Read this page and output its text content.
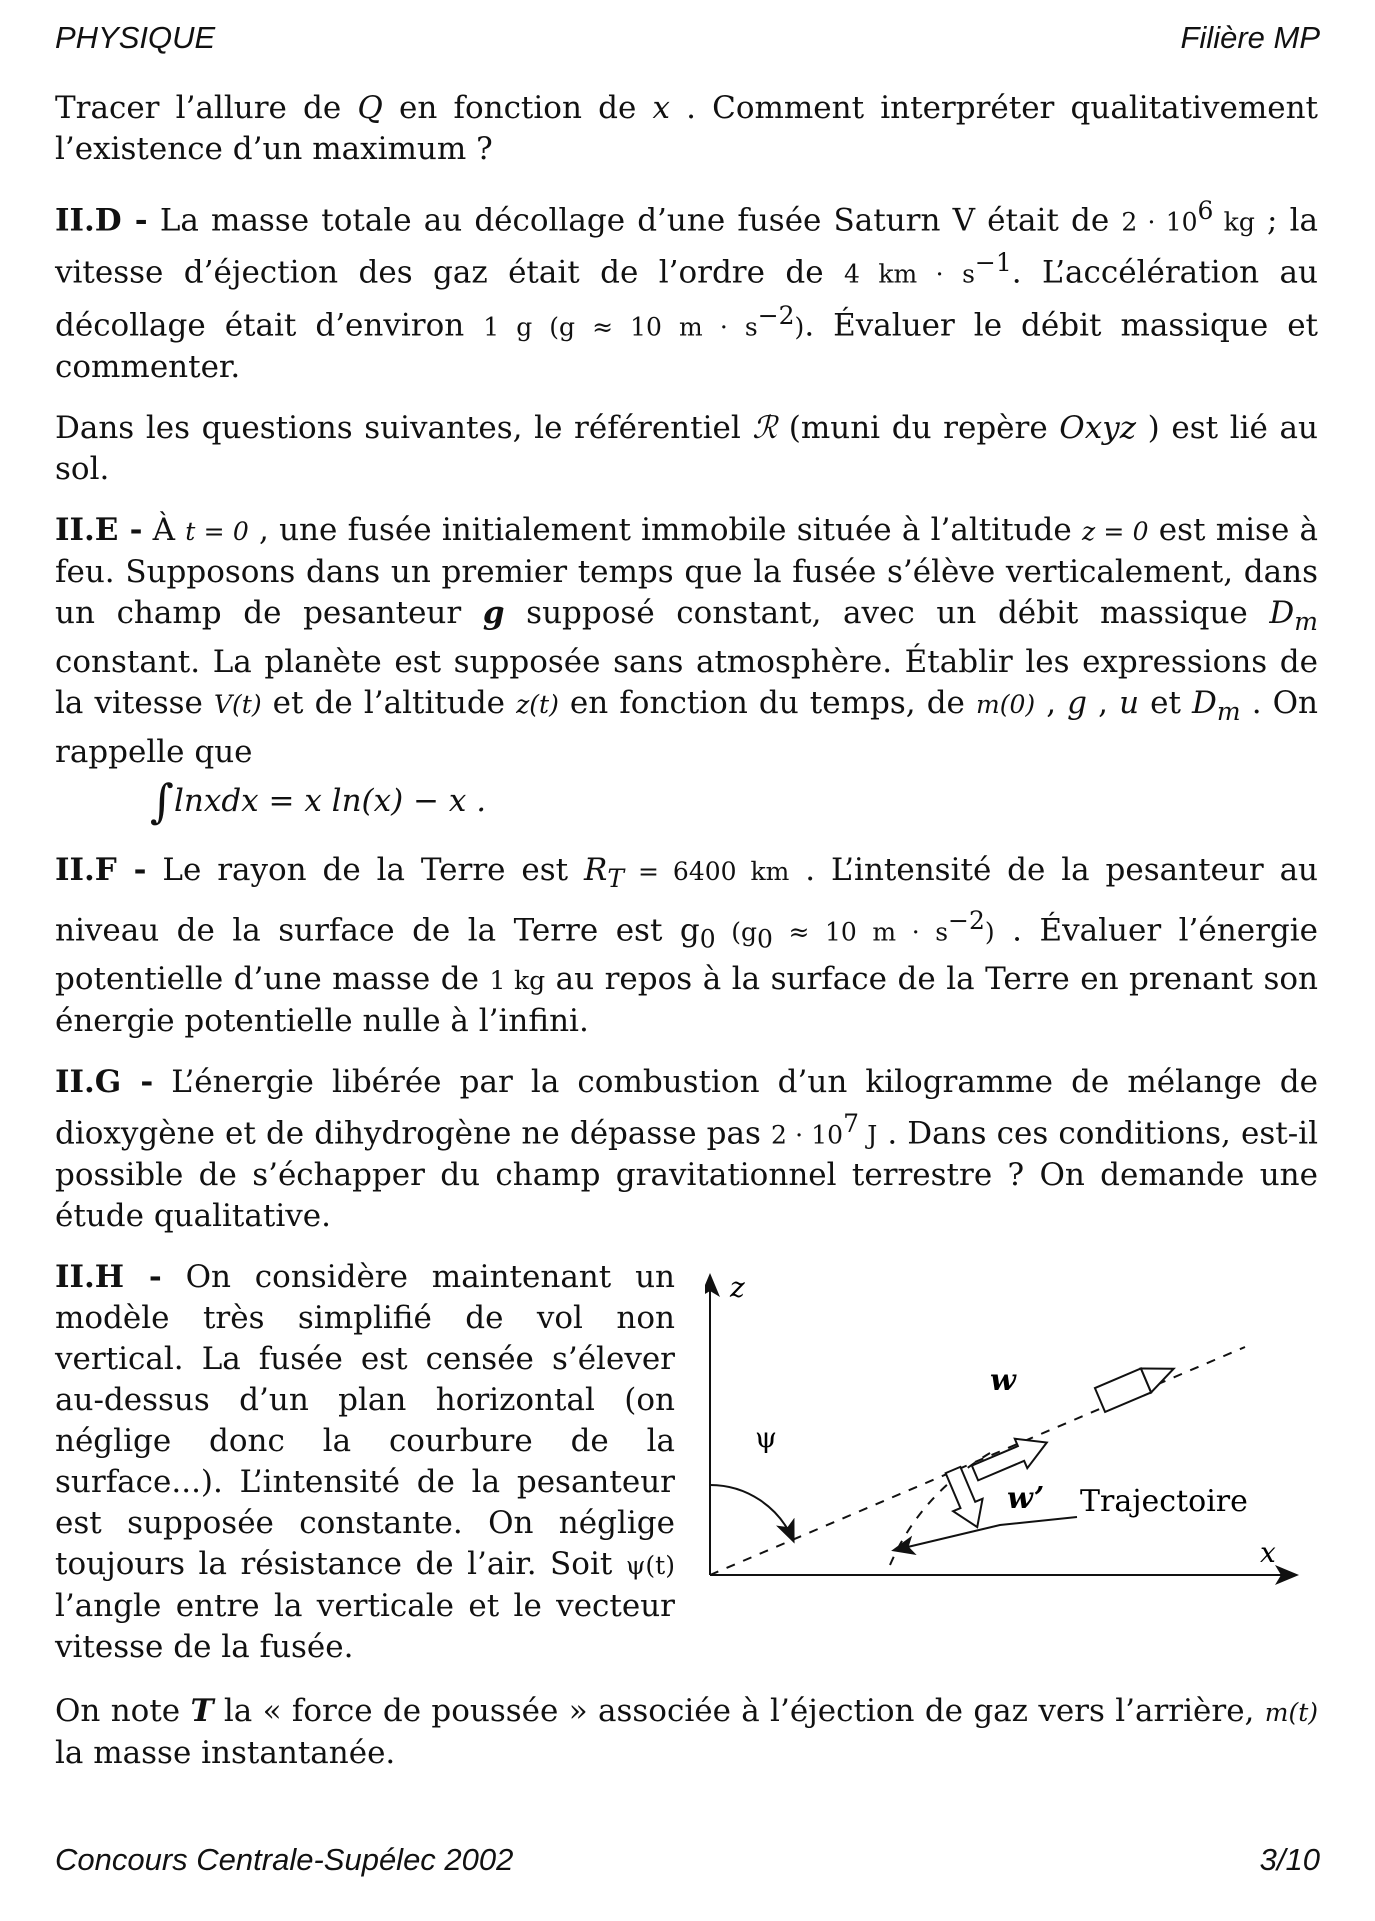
PHYSIQUE	Filière MP

Tracer l’allure de Q en fonction de x . Comment interpréter qualitativement l’existence d’un maximum ?

II.D - La masse totale au décollage d’une fusée Saturn V était de $2 \cdot 10^6$ kg ; la vitesse d’éjection des gaz était de l’ordre de 4 km · $s^{-1}$. L’accélération au décollage était d’environ 1 g (g ≈ 10 $m \cdot s^{-2}$). Évaluer le débit massique et commenter.

Dans les questions suivantes, le référentiel ℛ (muni du repère Oxyz ) est lié au sol.

II.E - À t = 0 , une fusée initialement immobile située à l’altitude z = 0 est mise à feu. Supposons dans un premier temps que la fusée s’élève verticalement, dans un champ de pesanteur g supposé constant, avec un débit massique $D_m$ constant. La planète est supposée sans atmosphère. Établir les expressions de la vitesse V(t) et de l’altitude z(t) en fonction du temps, de m(0) , g , u et $D_m$ . On rappelle que

∫lnxdx = x ln(x) − x .

II.F - Le rayon de la Terre est $R_T = 6400$ km . L’intensité de la pesanteur au niveau de la surface de la Terre est $g_0$ ($g_0 \approx 10$ $m \cdot s^{-2}$) . Évaluer l’énergie potentielle d’une masse de 1 kg au repos à la surface de la Terre en prenant son énergie potentielle nulle à l’infini.

II.G - L’énergie libérée par la combustion d’un kilogramme de mélange de dioxygène et de dihydrogène ne dépasse pas $2 \cdot 10^7$ J . Dans ces conditions, est-il possible de s’échapper du champ gravitationnel terrestre ? On demande une étude qualitative.

II.H - On considère maintenant un modèle très simplifié de vol non vertical. La fusée est censée s’élever au-dessus d’un plan horizontal (on néglige donc la courbure de la surface...). L’intensité de la pesanteur est supposée constante. On néglige toujours la résistance de l’air. Soit ψ(t) l’angle entre la verticale et le vecteur vitesse de la fusée.
z
x
ψ
w
w’ Trajectoire

On note T la « force de poussée » associée à l’éjection de gaz vers l’arrière, m(t) la masse instantanée.

Concours Centrale-Supélec 2002	3/10
